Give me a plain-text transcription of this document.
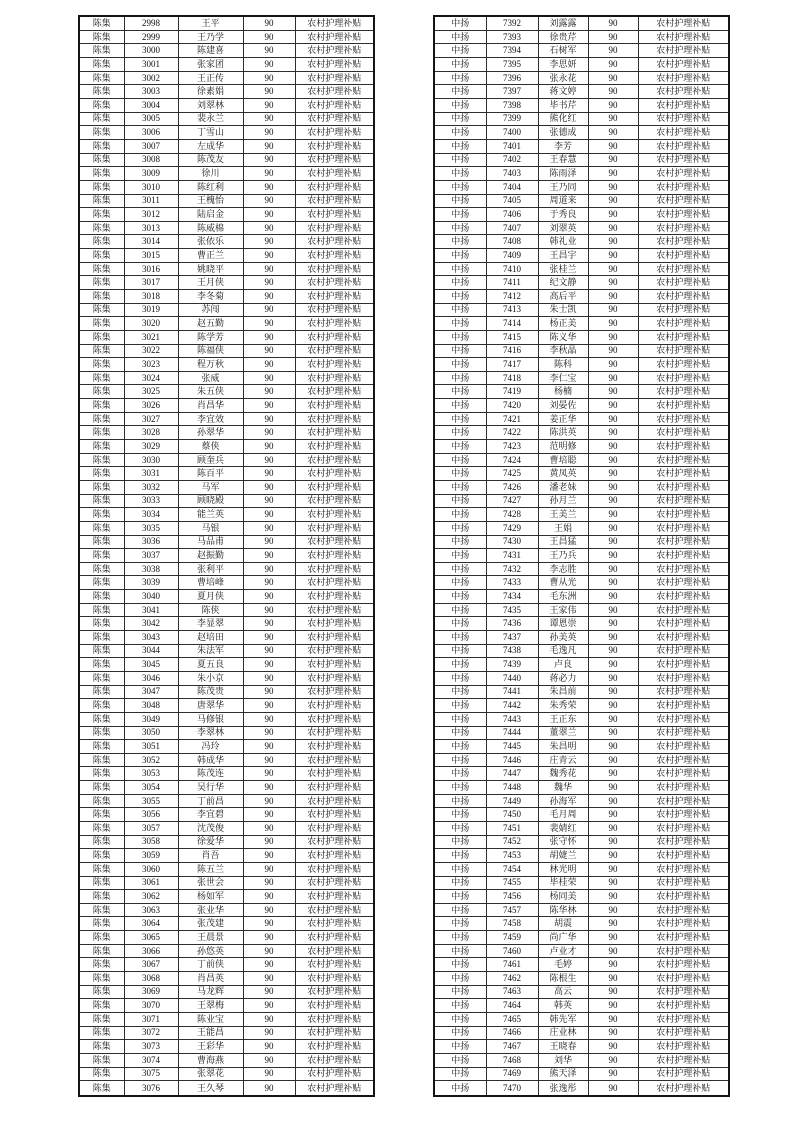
陈集	2998	王平	90	农村护理补贴
陈集	2999	王乃学	90	农村护理补贴
陈集	3000	陈建喜	90	农村护理补贴
陈集	3001	张家团	90	农村护理补贴
陈集	3002	王正传	90	农村护理补贴
陈集	3003	徐素娟	90	农村护理补贴
陈集	3004	刘翠林	90	农村护理补贴
陈集	3005	裴永兰	90	农村护理补贴
陈集	3006	丁雪山	90	农村护理补贴
陈集	3007	左成华	90	农村护理补贴
陈集	3008	陈茂友	90	农村护理补贴
陈集	3009	徐川	90	农村护理补贴
陈集	3010	陈红利	90	农村护理补贴
陈集	3011	王槐怡	90	农村护理补贴
陈集	3012	陆启金	90	农村护理补贴
陈集	3013	陈威棉	90	农村护理补贴
陈集	3014	张依乐	90	农村护理补贴
陈集	3015	曹正兰	90	农村护理补贴
陈集	3016	姚晓平	90	农村护理补贴
陈集	3017	王月侠	90	农村护理补贴
陈集	3018	李冬菊	90	农村护理补贴
陈集	3019	苏闯	90	农村护理补贴
陈集	3020	赵五勤	90	农村护理补贴
陈集	3021	陈学芳	90	农村护理补贴
陈集	3022	陈福侠	90	农村护理补贴
陈集	3023	程万秋	90	农村护理补贴
陈集	3024	张威	90	农村护理补贴
陈集	3025	朱五侠	90	农村护理补贴
陈集	3026	肖昌华	90	农村护理补贴
陈集	3027	李宜效	90	农村护理补贴
陈集	3028	孙翠华	90	农村护理补贴
陈集	3029	蔡侠	90	农村护理补贴
陈集	3030	顾奎兵	90	农村护理补贴
陈集	3031	陈百平	90	农村护理补贴
陈集	3032	马军	90	农村护理补贴
陈集	3033	顾晓殿	90	农村护理补贴
陈集	3034	能兰英	90	农村护理补贴
陈集	3035	马银	90	农村护理补贴
陈集	3036	马品甫	90	农村护理补贴
陈集	3037	赵振勤	90	农村护理补贴
陈集	3038	张利平	90	农村护理补贴
陈集	3039	曹培峰	90	农村护理补贴
陈集	3040	夏月侠	90	农村护理补贴
陈集	3041	陈侠	90	农村护理补贴
陈集	3042	李显翠	90	农村护理补贴
陈集	3043	赵培田	90	农村护理补贴
陈集	3044	朱法军	90	农村护理补贴
陈集	3045	夏五良	90	农村护理补贴
陈集	3046	朱小京	90	农村护理补贴
陈集	3047	陈茂贵	90	农村护理补贴
陈集	3048	唐翠华	90	农村护理补贴
陈集	3049	马修银	90	农村护理补贴
陈集	3050	李翠林	90	农村护理补贴
陈集	3051	冯玲	90	农村护理补贴
陈集	3052	韩成华	90	农村护理补贴
陈集	3053	陈茂连	90	农村护理补贴
陈集	3054	吴行华	90	农村护理补贴
陈集	3055	丁前昌	90	农村护理补贴
陈集	3056	李宜碧	90	农村护理补贴
陈集	3057	沈茂俊	90	农村护理补贴
陈集	3058	徐爱华	90	农村护理补贴
陈集	3059	肖吾	90	农村护理补贴
陈集	3060	陈五兰	90	农村护理补贴
陈集	3061	张世会	90	农村护理补贴
陈集	3062	杨如军	90	农村护理补贴
陈集	3063	张业华	90	农村护理补贴
陈集	3064	张茂建	90	农村护理补贴
陈集	3065	王晨景	90	农村护理补贴
陈集	3066	孙悠英	90	农村护理补贴
陈集	3067	丁前侠	90	农村护理补贴
陈集	3068	肖昌英	90	农村护理补贴
陈集	3069	马龙辉	90	农村护理补贴
陈集	3070	王翠梅	90	农村护理补贴
陈集	3071	陈业宝	90	农村护理补贴
陈集	3072	王能昌	90	农村护理补贴
陈集	3073	王彩华	90	农村护理补贴
陈集	3074	曹海燕	90	农村护理补贴
陈集	3075	张翠花	90	农村护理补贴
陈集	3076	王久琴	90	农村护理补贴
中扬	7392	刘露露	90	农村护理补贴
中扬	7393	徐贵芹	90	农村护理补贴
中扬	7394	石树军	90	农村护理补贴
中扬	7395	李思妍	90	农村护理补贴
中扬	7396	张永花	90	农村护理补贴
中扬	7397	蒋文婷	90	农村护理补贴
中扬	7398	毕书芹	90	农村护理补贴
中扬	7399	熊化红	90	农村护理补贴
中扬	7400	张德成	90	农村护理补贴
中扬	7401	李芳	90	农村护理补贴
中扬	7402	王春慧	90	农村护理补贴
中扬	7403	陈雨泽	90	农村护理补贴
中扬	7404	王乃同	90	农村护理补贴
中扬	7405	周道来	90	农村护理补贴
中扬	7406	于秀良	90	农村护理补贴
中扬	7407	刘翠英	90	农村护理补贴
中扬	7408	韩礼业	90	农村护理补贴
中扬	7409	王昌宇	90	农村护理补贴
中扬	7410	张桂兰	90	农村护理补贴
中扬	7411	纪文静	90	农村护理补贴
中扬	7412	高后平	90	农村护理补贴
中扬	7413	朱士凯	90	农村护理补贴
中扬	7414	杨正美	90	农村护理补贴
中扬	7415	陈义华	90	农村护理补贴
中扬	7416	李秋晶	90	农村护理补贴
中扬	7417	陈科	90	农村护理补贴
中扬	7418	李仁宝	90	农村护理补贴
中扬	7419	杨楠	90	农村护理补贴
中扬	7420	刘晏佐	90	农村护理补贴
中扬	7421	姜正华	90	农村护理补贴
中扬	7422	陈洪英	90	农村护理补贴
中扬	7423	范明修	90	农村护理补贴
中扬	7424	曹培聪	90	农村护理补贴
中扬	7425	黄凤英	90	农村护理补贴
中扬	7426	潘老妹	90	农村护理补贴
中扬	7427	孙月兰	90	农村护理补贴
中扬	7428	王美兰	90	农村护理补贴
中扬	7429	王娟	90	农村护理补贴
中扬	7430	王昌猛	90	农村护理补贴
中扬	7431	王乃兵	90	农村护理补贴
中扬	7432	李志胜	90	农村护理补贴
中扬	7433	曹从光	90	农村护理补贴
中扬	7434	毛东洲	90	农村护理补贴
中扬	7435	王家伟	90	农村护理补贴
中扬	7436	谭恩崇	90	农村护理补贴
中扬	7437	孙美英	90	农村护理补贴
中扬	7438	毛逸凡	90	农村护理补贴
中扬	7439	卢良	90	农村护理补贴
中扬	7440	蒋必力	90	农村护理补贴
中扬	7441	朱昌前	90	农村护理补贴
中扬	7442	朱秀荣	90	农村护理补贴
中扬	7443	王正东	90	农村护理补贴
中扬	7444	董翠兰	90	农村护理补贴
中扬	7445	朱昌明	90	农村护理补贴
中扬	7446	庄青云	90	农村护理补贴
中扬	7447	魏秀花	90	农村护理补贴
中扬	7448	魏华	90	农村护理补贴
中扬	7449	孙海军	90	农村护理补贴
中扬	7450	毛月周	90	农村护理补贴
中扬	7451	裴婧红	90	农村护理补贴
中扬	7452	张守怀	90	农村护理补贴
中扬	7453	胡婕兰	90	农村护理补贴
中扬	7454	林光明	90	农村护理补贴
中扬	7455	毕桂荣	90	农村护理补贴
中扬	7456	杨同美	90	农村护理补贴
中扬	7457	陈华林	90	农村护理补贴
中扬	7458	胡震	90	农村护理补贴
中扬	7459	尚广华	90	农村护理补贴
中扬	7460	卢业才	90	农村护理补贴
中扬	7461	毛婷	90	农村护理补贴
中扬	7462	陈根生	90	农村护理补贴
中扬	7463	高云	90	农村护理补贴
中扬	7464	韩英	90	农村护理补贴
中扬	7465	韩先军	90	农村护理补贴
中扬	7466	庄业林	90	农村护理补贴
中扬	7467	王晓春	90	农村护理补贴
中扬	7468	刘华	90	农村护理补贴
中扬	7469	熊天泽	90	农村护理补贴
中扬	7470	张逸彤	90	农村护理补贴
